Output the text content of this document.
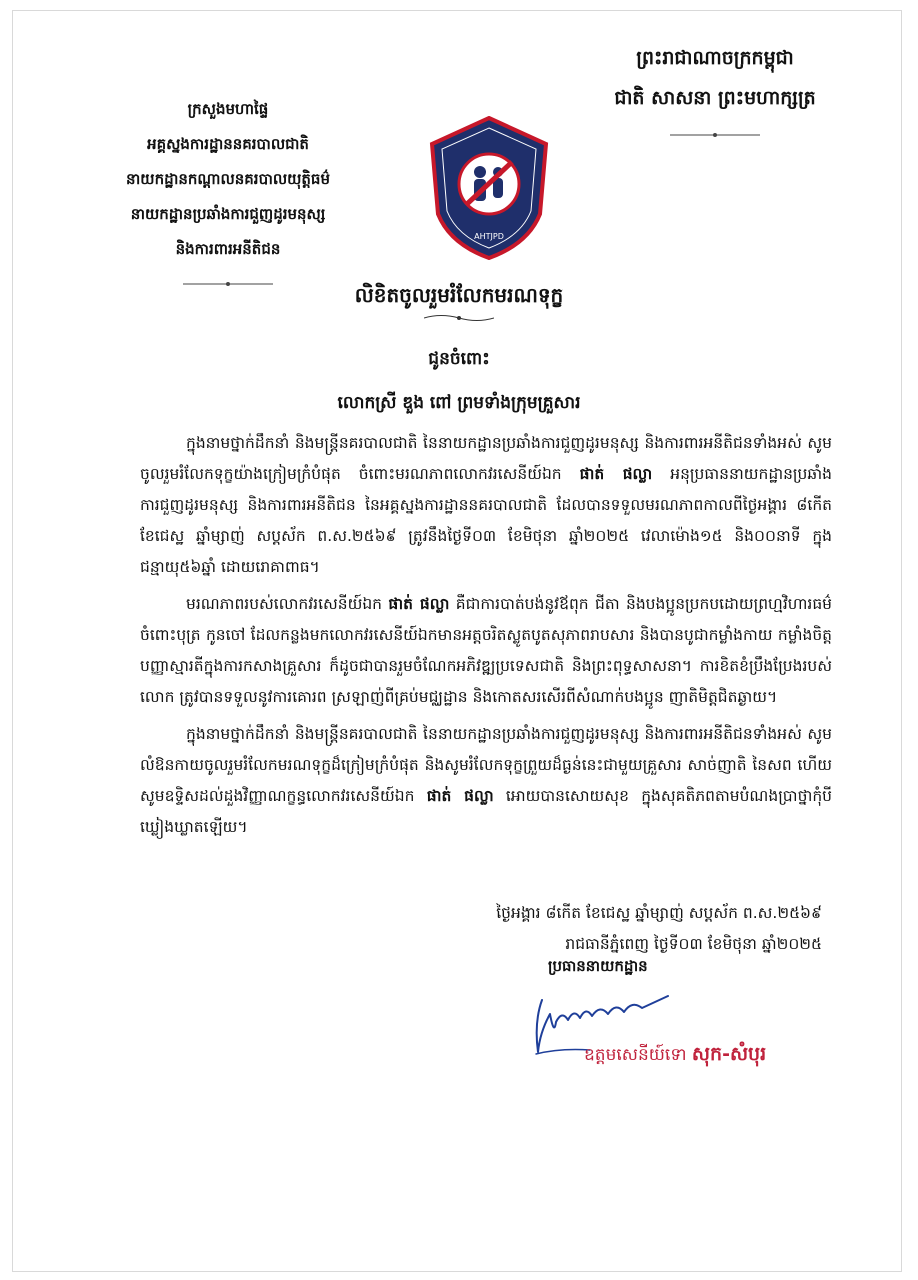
ក្រសួងមហាផ្ទៃ
អគ្គស្នងការដ្ឋាននគរបាលជាតិ
នាយកដ្ឋានកណ្ដាលនគរបាលយុត្តិធម៌
នាយកដ្ឋានប្រឆាំងការជួញដូរមនុស្ស
និងការពារអនីតិជន
ព្រះរាជាណាចក្រកម្ពុជា
ជាតិ សាសនា ព្រះមហាក្សត្រ
AHTJPD
លិខិតចូលរួមរំលែកមរណទុក្ខ
ជូនចំពោះ
លោកស្រី ឌួង ពៅ ព្រមទាំងក្រុមគ្រួសារ

ក្នុងនាមថ្នាក់ដឹកនាំ និងមន្ត្រីនគរបាលជាតិ នៃនាយកដ្ឋានប្រឆាំងការជួញដូរមនុស្ស និងការពារអនីតិជនទាំងអស់ សូមចូលរួមរំលែកទុក្ខយ៉ាងក្រៀមក្រំបំផុត ចំពោះមរណភាពលោកវរសេនីយ៍ឯក ផាត់ ផល្លា អនុប្រធាននាយកដ្ឋានប្រឆាំងការជួញដូរមនុស្ស និងការពារអនីតិជន នៃអគ្គស្នងការដ្ឋាននគរបាលជាតិ ដែលបានទទួលមរណភាពកាលពីថ្ងៃអង្គារ ៨កើត ខែជេស្ឋ ឆ្នាំម្សាញ់ សប្តស័ក ព.ស.២៥៦៩ ត្រូវនឹងថ្ងៃទី០៣ ខែមិថុនា ឆ្នាំ២០២៥ វេលាម៉ោង១៥ និង០០នាទី ក្នុងជន្មាយុ៥៦ឆ្នាំ ដោយរោគាពាធ។

មរណភាពរបស់លោកវរសេនីយ៍ឯក ផាត់ ផល្លា គឺជាការបាត់បង់នូវឪពុក ជីតា និងបងប្អូនប្រកបដោយព្រហ្មវិហារធម៌ចំពោះបុត្រ កូនចៅ ដែលកន្លងមកលោកវរសេនីយ៍ឯកមានអត្តចរិតស្លូតបូតសុភាពរាបសារ និងបានបូជាកម្លាំងកាយ កម្លាំងចិត្ត បញ្ញាស្មារតីក្នុងការកសាងគ្រួសារ ក៏ដូចជាបានរួមចំណែកអភិវឌ្ឍប្រទេសជាតិ និងព្រះពុទ្ធសាសនា។ ការខិតខំប្រឹងប្រែងរបស់លោក ត្រូវបានទទួលនូវការគោរព ស្រឡាញ់ពីគ្រប់មជ្ឈដ្ឋាន និងកោតសរសើរពីសំណាក់បងប្អូន ញាតិមិត្តជិតឆ្ងាយ។

ក្នុងនាមថ្នាក់ដឹកនាំ និងមន្ត្រីនគរបាលជាតិ នៃនាយកដ្ឋានប្រឆាំងការជួញដូរមនុស្ស និងការពារអនីតិជនទាំងអស់ សូមលំឱនកាយចូលរួមរំលែកមរណទុក្ខដ៏ក្រៀមក្រំបំផុត និងសូមរំលែកទុក្ខព្រួយដ៏ធ្ងន់នេះជាមួយគ្រួសារ សាច់ញាតិ នៃសព ហើយសូមឧទ្ទិសដល់ដួងវិញ្ញាណក្ខន្ធលោកវរសេនីយ៍ឯក ផាត់ ផល្លា អោយបានសោយសុខ ក្នុងសុគតិភពតាមបំណងប្រាថ្នាកុំបីឃ្លៀងឃ្លាតឡើយ។

ថ្ងៃអង្គារ ៨កើត ខែជេស្ឋ ឆ្នាំម្សាញ់ សប្តស័ក ព.ស.២៥៦៩
រាជធានីភ្នំពេញ ថ្ងៃទី០៣ ខែមិថុនា ឆ្នាំ២០២៥
ប្រធាននាយកដ្ឋាន
ឧត្តមសេនីយ៍ទោ សុក-សំបុរ
